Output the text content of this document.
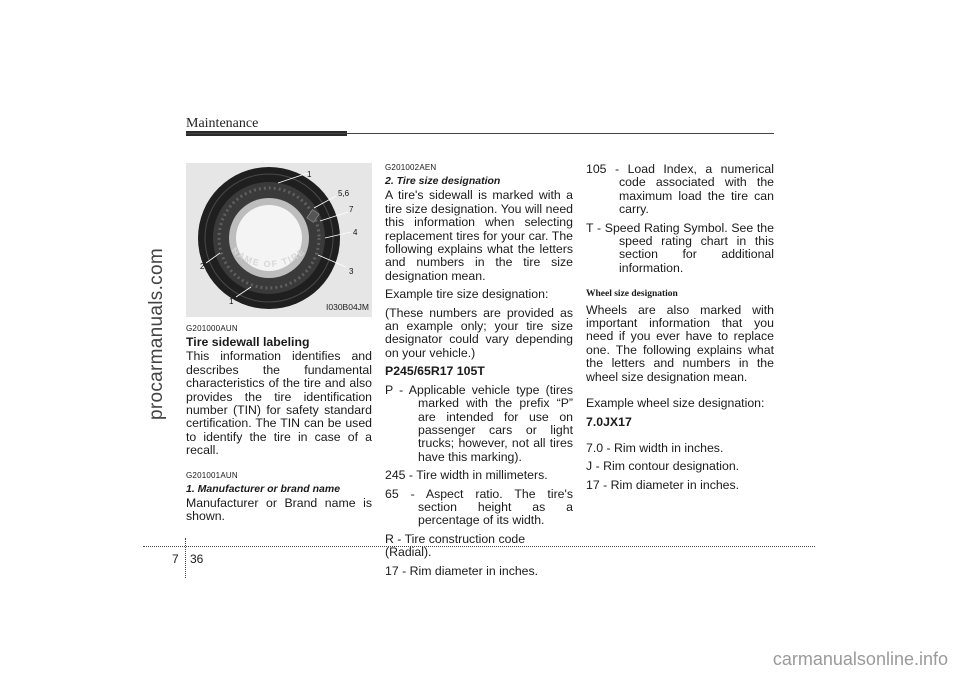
Maintenance
procarmanuals.com
carmanualsonline.info
NAME OF TIRE
1
5,6
7
4
3
2
1
I030B04JM

G201000AUN

Tire sidewall labeling

This information identifies and describes the fundamental characteristics of the tire and also provides the tire identification number (TIN) for safety standard certification. The TIN can be used to identify the tire in case of a recall.

G201001AUN

1. Manufacturer or brand name

Manufacturer or Brand name is shown.

G201002AEN

2. Tire size designation

A tire's sidewall is marked with a tire size designation. You will need this information when selecting replacement tires for your car. The following explains what the letters and numbers in the tire size designation mean.

Example tire size designation:

(These numbers are provided as an example only; your tire size designator could vary depending on your vehicle.)

P245/65R17 105T

P - Applicable vehicle type (tires marked with the prefix “P” are intended for use on passenger cars or light trucks; however, not all tires have this marking).

245 - Tire width in millimeters.

65 - Aspect ratio. The tire's section height as a percentage of its width.

R - Tire construction code (Radial).

17 - Rim diameter in inches.

105 - Load Index, a numerical code associated with the maximum load the tire can carry.

T - Speed Rating Symbol. See the speed rating chart in this section for additional information.

Wheel size designation

Wheels are also marked with important information that you need if you ever have to replace one. The following explains what the letters and numbers in the wheel size designation mean.

Example wheel size designation:

7.0JX17

7.0 - Rim width in inches.

J - Rim contour designation.

17 - Rim diameter in inches.

7 36
